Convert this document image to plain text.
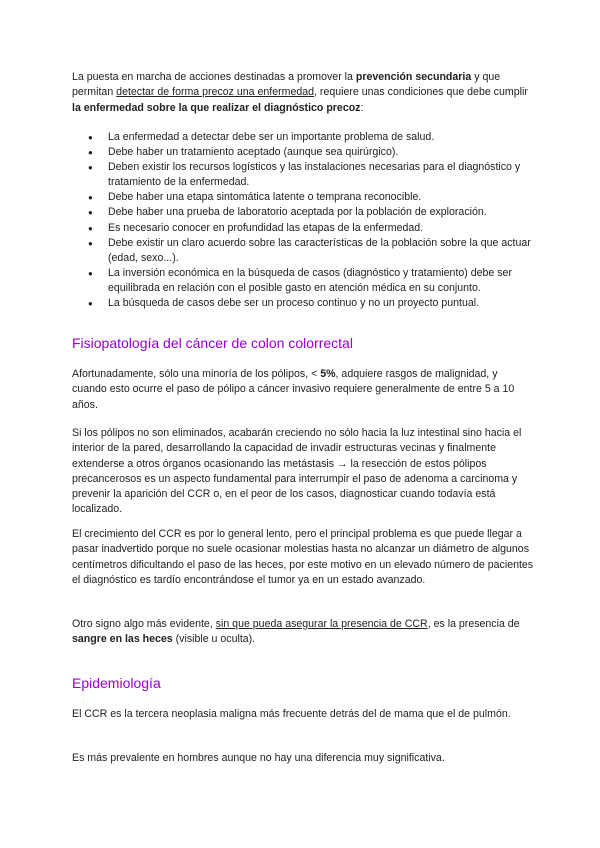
La puesta en marcha de acciones destinadas a promover la prevención secundaria y que permitan detectar de forma precoz una enfermedad, requiere unas condiciones que debe cumplir la enfermedad sobre la que realizar el diagnóstico precoz:

● La enfermedad a detectar debe ser un importante problema de salud.
● Debe haber un tratamiento aceptado (aunque sea quirúrgico).
● Deben existir los recursos logísticos y las instalaciones necesarias para el diagnóstico y tratamiento de la enfermedad.
● Debe haber una etapa sintomática latente o temprana reconocible.
● Debe haber una prueba de laboratorio aceptada por la población de exploración.
● Es necesario conocer en profundidad las etapas de la enfermedad.
● Debe existir un claro acuerdo sobre las características de la población sobre la que actuar (edad, sexo...).
● La inversión económica en la búsqueda de casos (diagnóstico y tratamiento) debe ser equilibrada en relación con el posible gasto en atención médica en su conjunto.
● La búsqueda de casos debe ser un proceso continuo y no un proyecto puntual.
Fisiopatología del cáncer de colon colorrectal

Afortunadamente, sólo una minoría de los pólipos, < 5%, adquiere rasgos de malignidad, y cuando esto ocurre el paso de pólipo a cáncer invasivo requiere generalmente de entre 5 a 10 años.

Si los pólipos no son eliminados, acabarán creciendo no sólo hacia la luz intestinal sino hacia el interior de la pared, desarrollando la capacidad de invadir estructuras vecinas y finalmente extenderse a otros órganos ocasionando las metástasis → la resección de estos pólipos precancerosos es un aspecto fundamental para interrumpir el paso de adenoma a carcinoma y prevenir la aparición del CCR o, en el peor de los casos, diagnosticar cuando todavía está localizado.

El crecimiento del CCR es por lo general lento, pero el principal problema es que puede llegar a pasar inadvertido porque no suele ocasionar molestias hasta no alcanzar un diámetro de algunos centímetros dificultando el paso de las heces, por este motivo en un elevado número de pacientes el diagnóstico es tardío encontrándose el tumor ya en un estado avanzado.

Otro signo algo más evidente, sin que pueda asegurar la presencia de CCR, es la presencia de sangre en las heces (visible u oculta).

Epidemiología

El CCR es la tercera neoplasia maligna más frecuente detrás del de mama que el de pulmón.

Es más prevalente en hombres aunque no hay una diferencia muy significativa.
